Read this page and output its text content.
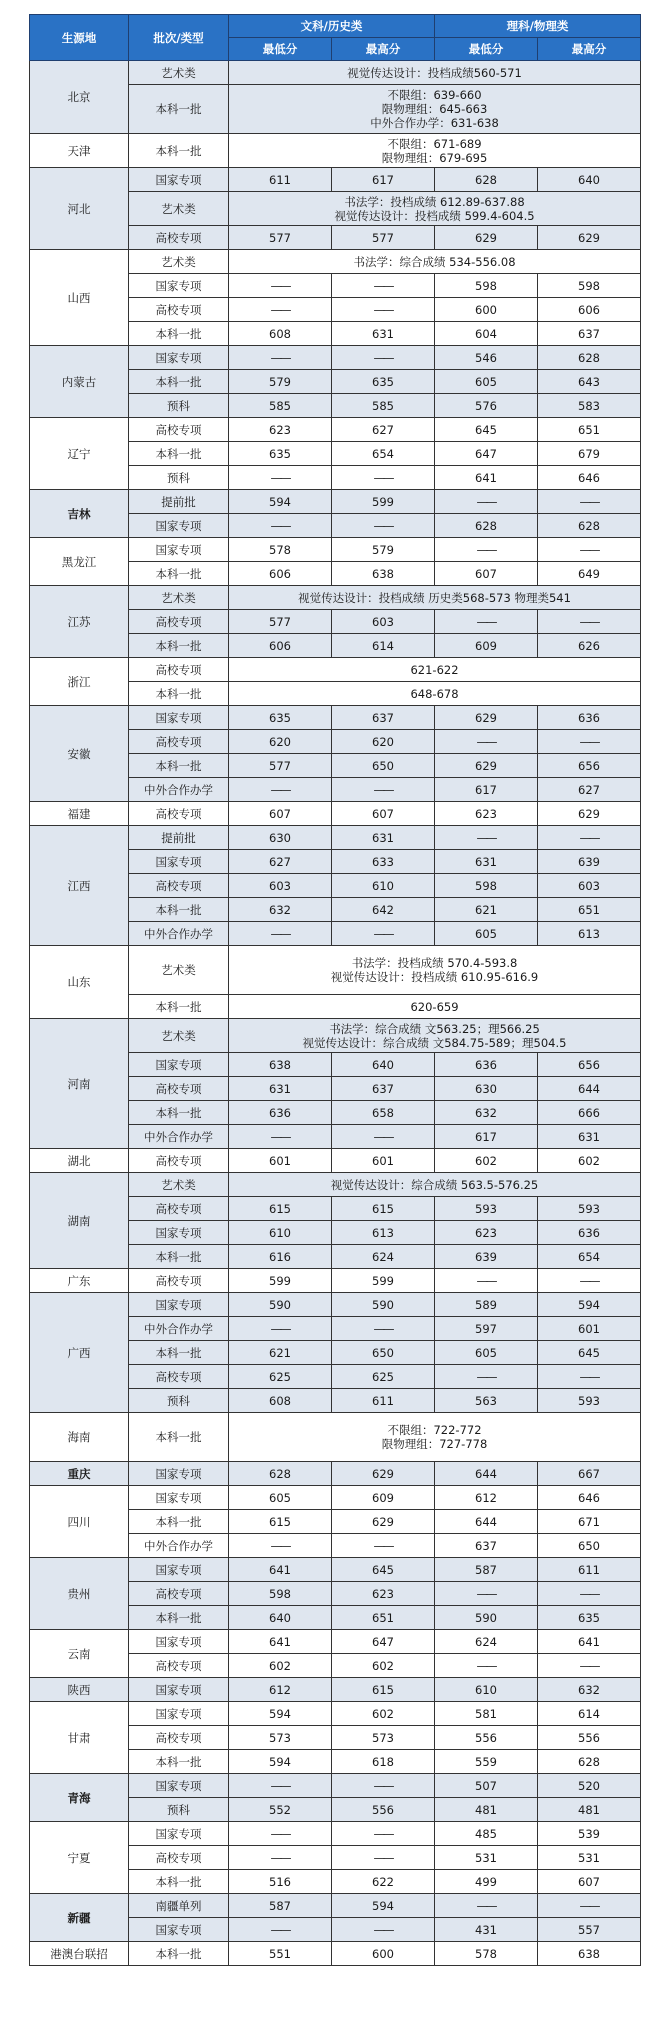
生源地	批次/类型	文科/历史类		理科/物理类	
		最低分	最高分	最低分	最高分
北京	艺术类	视觉传达设计：投档成绩560-571			
	本科一批	不限组：639-660
限物理组：645-663
中外合作办学：631-638			
天津	本科一批	不限组：671-689
限物理组：679-695			
河北	国家专项	611	617	628	640
	艺术类	书法学：投档成绩 612.89-637.88
视觉传达设计：投档成绩 599.4-604.5			
	高校专项	577	577	629	629
山西	艺术类	书法学：综合成绩 534-556.08			
	国家专项	——	——	598	598
	高校专项	——	——	600	606
	本科一批	608	631	604	637
内蒙古	国家专项	——	——	546	628
	本科一批	579	635	605	643
	预科	585	585	576	583
辽宁	高校专项	623	627	645	651
	本科一批	635	654	647	679
	预科	——	——	641	646
吉林	提前批	594	599	——	——
	国家专项	——	——	628	628
黑龙江	国家专项	578	579	——	——
	本科一批	606	638	607	649
江苏	艺术类	视觉传达设计：投档成绩 历史类568-573 物理类541			
	高校专项	577	603	——	——
	本科一批	606	614	609	626
浙江	高校专项	621-622			
	本科一批	648-678			
安徽	国家专项	635	637	629	636
	高校专项	620	620	——	——
	本科一批	577	650	629	656
	中外合作办学	——	——	617	627
福建	高校专项	607	607	623	629
江西	提前批	630	631	——	——
	国家专项	627	633	631	639
	高校专项	603	610	598	603
	本科一批	632	642	621	651
	中外合作办学	——	——	605	613
山东	艺术类	书法学：投档成绩 570.4-593.8
视觉传达设计：投档成绩 610.95-616.9			
	本科一批	620-659			
河南	艺术类	书法学：综合成绩 文563.25；理566.25
视觉传达设计：综合成绩 文584.75-589；理504.5			
	国家专项	638	640	636	656
	高校专项	631	637	630	644
	本科一批	636	658	632	666
	中外合作办学	——	——	617	631
湖北	高校专项	601	601	602	602
湖南	艺术类	视觉传达设计：综合成绩 563.5-576.25			
	高校专项	615	615	593	593
	国家专项	610	613	623	636
	本科一批	616	624	639	654
广东	高校专项	599	599	——	——
广西	国家专项	590	590	589	594
	中外合作办学	——	——	597	601
	本科一批	621	650	605	645
	高校专项	625	625	——	——
	预科	608	611	563	593
海南	本科一批	不限组：722-772
限物理组：727-778			
重庆	国家专项	628	629	644	667
四川	国家专项	605	609	612	646
	本科一批	615	629	644	671
	中外合作办学	——	——	637	650
贵州	国家专项	641	645	587	611
	高校专项	598	623	——	——
	本科一批	640	651	590	635
云南	国家专项	641	647	624	641
	高校专项	602	602	——	——
陕西	国家专项	612	615	610	632
甘肃	国家专项	594	602	581	614
	高校专项	573	573	556	556
	本科一批	594	618	559	628
青海	国家专项	——	——	507	520
	预科	552	556	481	481
宁夏	国家专项	——	——	485	539
	高校专项	——	——	531	531
	本科一批	516	622	499	607
新疆	南疆单列	587	594	——	——
	国家专项	——	——	431	557
港澳台联招	本科一批	551	600	578	638
